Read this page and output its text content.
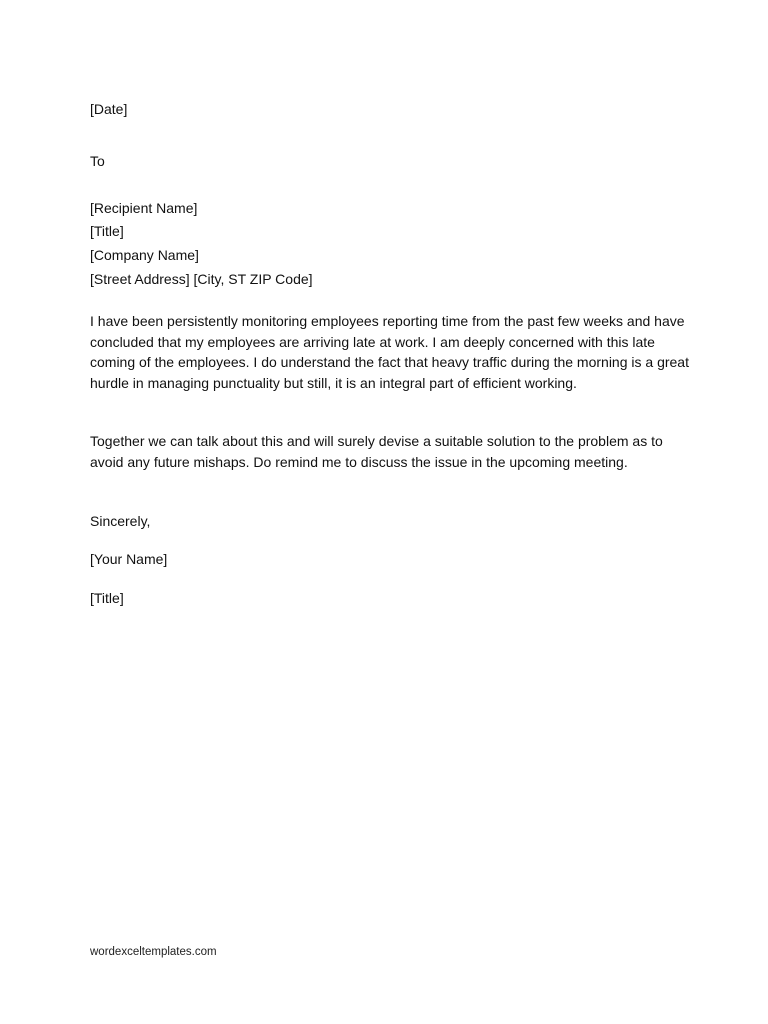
[Date]
To
[Recipient Name]
[Title]
[Company Name]
[Street Address] [City, ST ZIP Code]

I have been persistently monitoring employees reporting time from the past few weeks and have concluded that my employees are arriving late at work. I am deeply concerned with this late coming of the employees. I do understand the fact that heavy traffic during the morning is a great hurdle in managing punctuality but still, it is an integral part of efficient working.

Together we can talk about this and will surely devise a suitable solution to the problem as to avoid any future mishaps. Do remind me to discuss the issue in the upcoming meeting.

Sincerely,
[Your Name]
[Title]
wordexceltemplates.com
